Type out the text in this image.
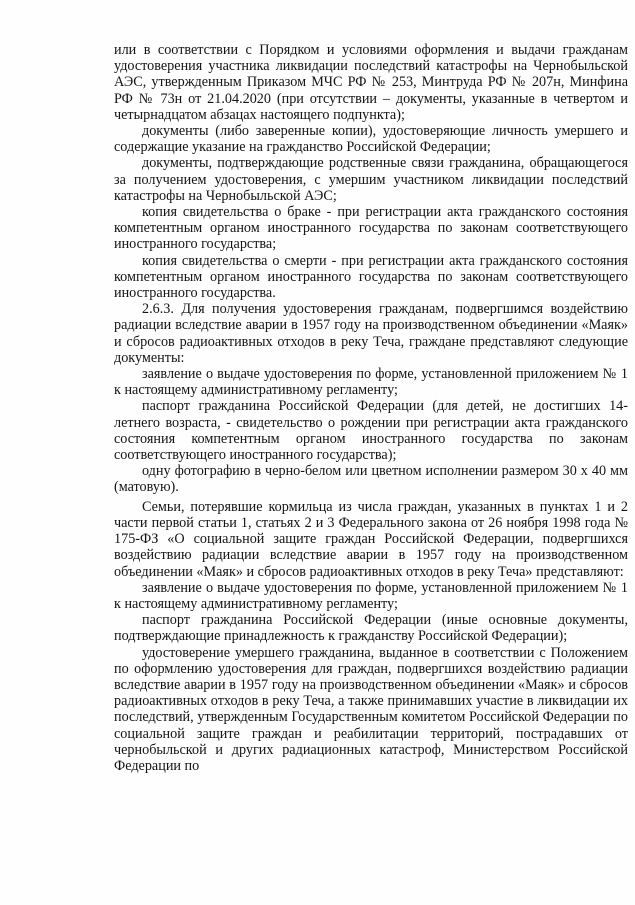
или в соответствии с Порядком и условиями оформления и выдачи гражданам удостоверения участника ликвидации последствий катастрофы на Чернобыльской АЭС, утвержденным Приказом МЧС РФ № 253, Минтруда РФ № 207н, Минфина РФ № 73н от 21.04.2020 (при отсутствии – документы, указанные в четвертом и четырнадцатом абзацах настоящего подпункта);

документы (либо заверенные копии), удостоверяющие личность умершего и содержащие указание на гражданство Российской Федерации;

документы, подтверждающие родственные связи гражданина, обращающегося за получением удостоверения, с умершим участником ликвидации последствий катастрофы на Чернобыльской АЭС;

копия свидетельства о браке - при регистрации акта гражданского состояния компетентным органом иностранного государства по законам соответствующего иностранного государства;

копия свидетельства о смерти - при регистрации акта гражданского состояния компетентным органом иностранного государства по законам соответствующего иностранного государства.

2.6.3. Для получения удостоверения гражданам, подвергшимся воздействию радиации вследствие аварии в 1957 году на производственном объединении «Маяк» и сбросов радиоактивных отходов в реку Теча, граждане представляют следующие документы:

заявление о выдаче удостоверения по форме, установленной приложением № 1 к настоящему административному регламенту;

паспорт гражданина Российской Федерации (для детей, не достигших 14-летнего возраста, - свидетельство о рождении при регистрации акта гражданского состояния компетентным органом иностранного государства по законам соответствующего иностранного государства);

одну фотографию в черно-белом или цветном исполнении размером 30 х 40 мм (матовую).

Семьи, потерявшие кормильца из числа граждан, указанных в пунктах 1 и 2 части первой статьи 1, статьях 2 и 3 Федерального закона от 26 ноября 1998 года № 175-ФЗ «О социальной защите граждан Российской Федерации, подвергшихся воздействию радиации вследствие аварии в 1957 году на производственном объединении «Маяк» и сбросов радиоактивных отходов в реку Теча» представляют:

заявление о выдаче удостоверения по форме, установленной приложением № 1 к настоящему административному регламенту;

паспорт гражданина Российской Федерации (иные основные документы, подтверждающие принадлежность к гражданству Российской Федерации);

удостоверение умершего гражданина, выданное в соответствии с Положением по оформлению удостоверения для граждан, подвергшихся воздействию радиации вследствие аварии в 1957 году на производственном объединении «Маяк» и сбросов радиоактивных отходов в реку Теча, а также принимавших участие в ликвидации их последствий, утвержденным Государственным комитетом Российской Федерации по социальной защите граждан и реабилитации территорий, пострадавших от чернобыльской и других радиационных катастроф, Министерством Российской Федерации по
